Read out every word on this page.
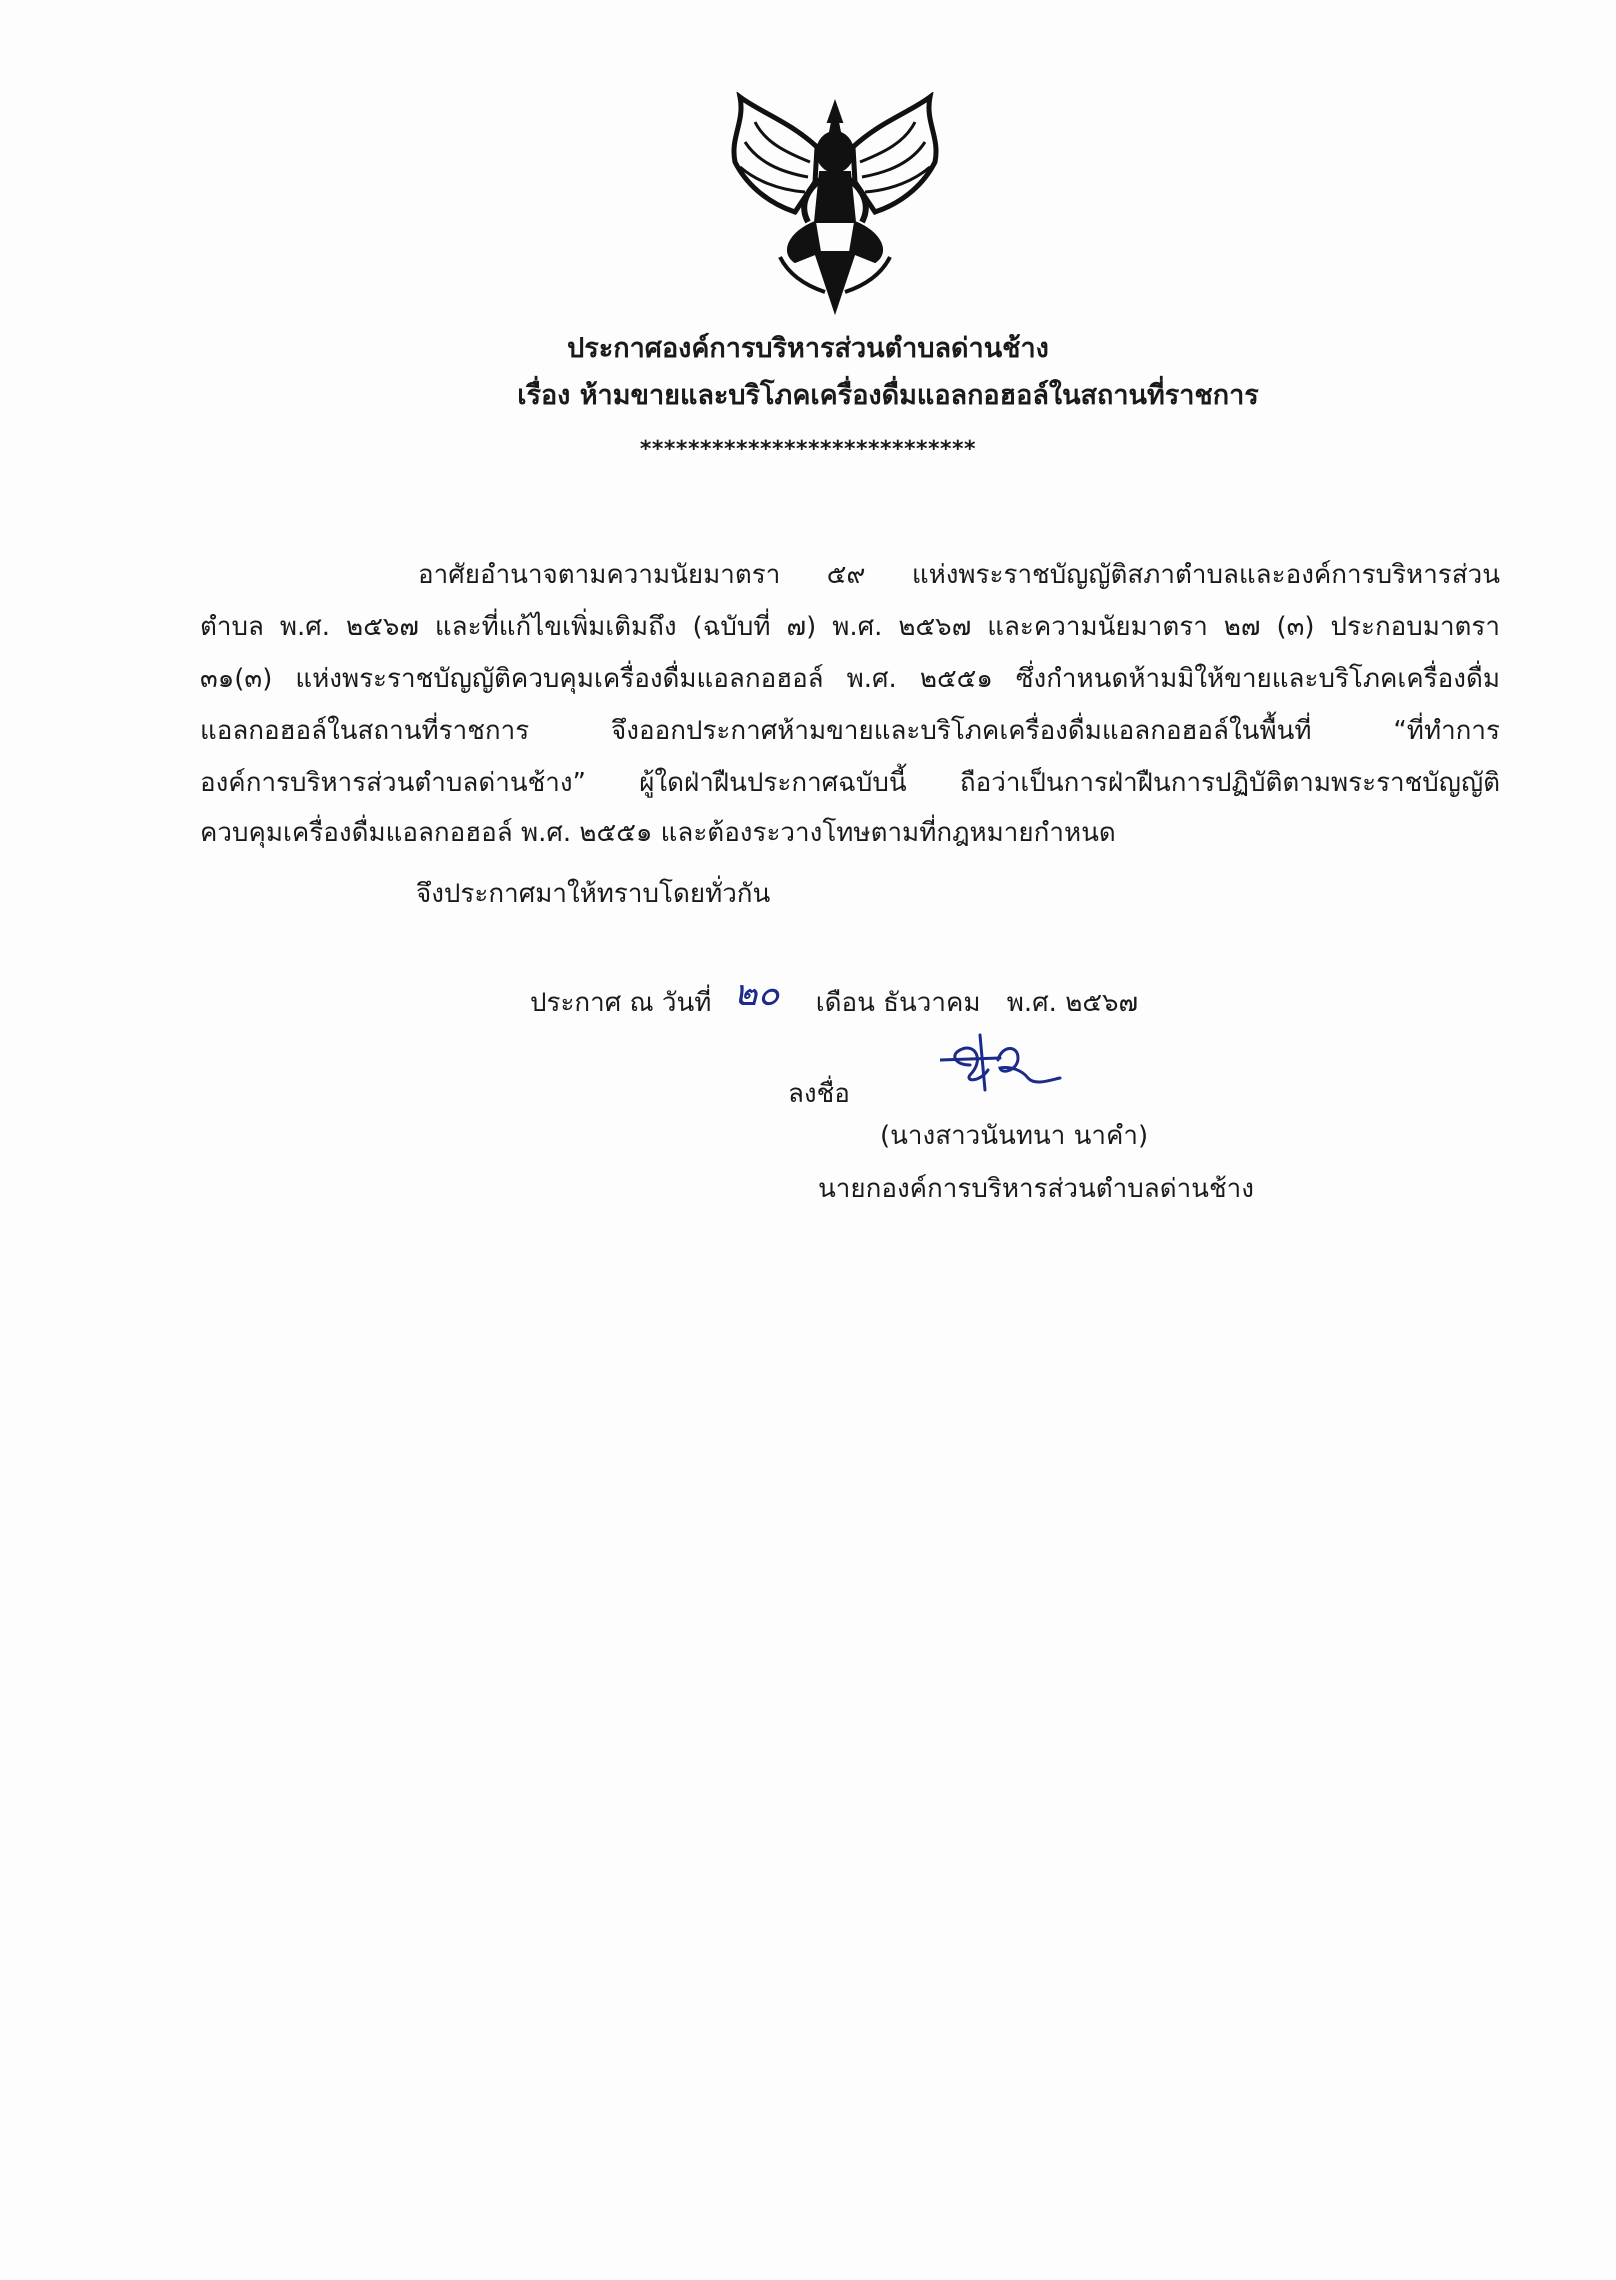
ประกาศองค์การบริหารส่วนตำบลด่านช้าง
เรื่อง ห้ามขายและบริโภคเครื่องดื่มแอลกอฮอล์ในสถานที่ราชการ
****************************
อาศัยอำนาจตามความนัยมาตรา ๕๙ แห่งพระราชบัญญัติสภาตำบลและองค์การบริหารส่วน
ตำบล พ.ศ. ๒๕๖๗ และที่แก้ไขเพิ่มเติมถึง (ฉบับที่ ๗) พ.ศ. ๒๕๖๗ และความนัยมาตรา ๒๗ (๓) ประกอบมาตรา
๓๑(๓) แห่งพระราชบัญญัติควบคุมเครื่องดื่มแอลกอฮอล์ พ.ศ. ๒๕๕๑ ซึ่งกำหนดห้ามมิให้ขายและบริโภคเครื่องดื่ม
แอลกอฮอล์ในสถานที่ราชการ จึงออกประกาศห้ามขายและบริโภคเครื่องดื่มแอลกอฮอล์ในพื้นที่ “ที่ทำการ
องค์การบริหารส่วนตำบลด่านช้าง” ผู้ใดฝ่าฝืนประกาศฉบับนี้ ถือว่าเป็นการฝ่าฝืนการปฏิบัติตามพระราชบัญญัติ
ควบคุมเครื่องดื่มแอลกอฮอล์ พ.ศ. ๒๕๕๑ และต้องระวางโทษตามที่กฎหมายกำหนด
จึงประกาศมาให้ทราบโดยทั่วกัน
ประกาศ ณ วันที่ ๒๐ เดือน ธันวาคม พ.ศ. ๒๕๖๗
ลงชื่อ
(นางสาวนันทนา นาคำ)
นายกองค์การบริหารส่วนตำบลด่านช้าง
